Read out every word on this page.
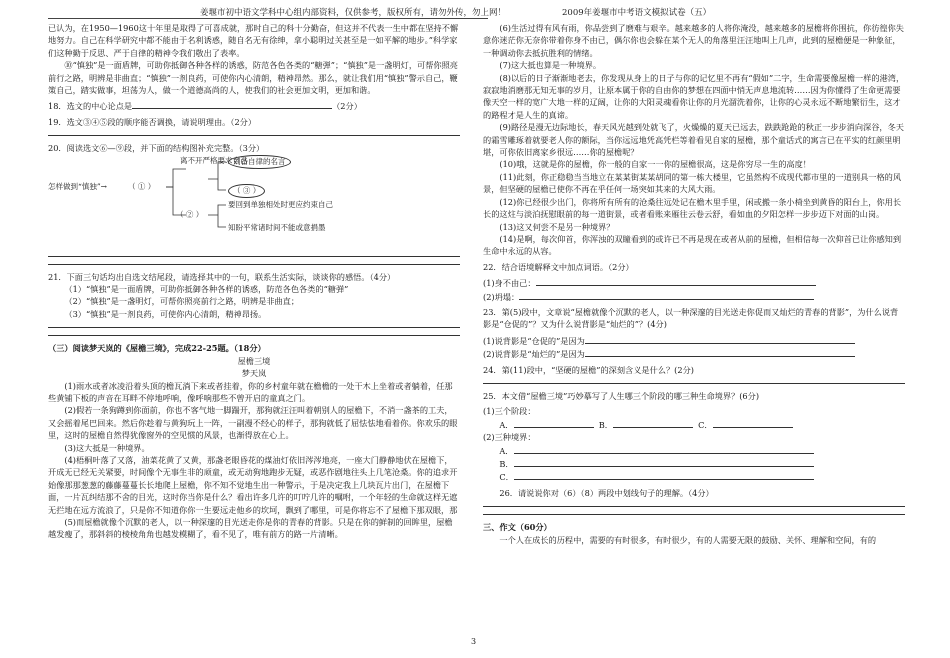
姜堰市初中语文学科中心组内部资料，仅供参考，版权所有，请勿外传，勿上网！	2009年姜堰市中考语文模拟试卷（五）

已认为，在1950—1960这十年里是取得了可喜成就，那时自己的科十分勤奋，但这并不代表一生中都在坚持不懈地努力。自己在科学研究中都不能由于名利诱惑，随自名无有徐绅，拿小聪明过关甚至是一如平解的地步。”科学家们这种勤于反思、严于自律的精神令我们敬出了表率。

⑩“慎独”是一面盾牌，可助你抵御各种各样的诱惑，防范各色各类的“糖弹”；“慎独”是一盏明灯，可帮你照亮前行之路，明辨是非曲直；“慎独”一剂良药，可使你内心清朗，精神昂然。那么，就让我们用“慎独”警示自己，鞭策自己，踏实做事，坦荡为人，做一个道德高尚的人，使我们的社会更加文明，更加和谐。

18．选文的中心论点是	（2分）

19．选文③④⑤段的顺序能否调换，请说明理由。（2分）

20．阅读选文⑥—⑨段，并下面的结构图补充完整。（3分）

怎样做到“慎独”→	（ ① ）
离不开严格要求自己
刘备自律的名言
（ ③ ）
（ ② ）
要回到单独相处时更应约束自己
知盼平常诸时间不能或意捐墨

21．下面三句话均出自选文结尾段，请选择其中的一句，联系生活实际，谈谈你的感悟。（4分）

（1）“慎独”是一面盾牌，可助你抵御各种各样的诱惑，防范各色各类的“糖弹”

（2）“慎独”是一盏明灯，可帮你照亮前行之路，明辨是非曲直；

（3）“慎独”是一剂良药，可使你内心清朗，精神昂扬。

（三）阅读梦天岚的《屋檐三境》，完成22-25题。（18分）

屋檐三境

梦天岚

(1)雨水或者冰凌沿着头顶的檐瓦淌下来或者挂着，你的乡村童年就在檐檐的一处干木上坐着或者躺着，任那些黄铺下板的声音在耳畔不停地呼响，像呼响那些不曾开启的童真之门。

(2)假若一条狗蹲到你面前，你也不客气地一脚踹开，那狗就汪汪叫着朝别人的屋檐下，不消一盏茶的工夫，又会摇着尾巴回来。然后你趁着与黄狗玩上一阵，一副漫不经心的样子，那狗就低了屈怯怯地看着你。你欢乐的眼里，这时的屋檐自然得犹像窗外的空见惯的风景，也渐得放在心上。

(3)这大抵是一种境界。

(4)梧桐叶落了又落，油菜花黄了又黄，那盏老眼昏花的煤油灯依旧涔涔地亮，一座大门静静地伏在屋檐下，开成无已经无关紧要，时间像个无事生非的顽童，或无动狗地跑步无疑，或恶作剧地往头上几笔沧桑。你的追求开始像那那葱葱的藤藤蔓蔓长长地爬上屋檐，你不知不觉地生出一种警示，于是决定我上几块瓦片出门，在屋檐下面，一片瓦纠结那不舍的目光，这时你当你是什么？看出许多几许的叮咛几许的嘱咐，一个年轻的生命就这样无遮无拦地在远方流浪了，只是你不知道你你一生要远走他乡的坎坷，飘到了哪里，可是你将忘不了屋檐下那双眼，那

(5)而屋檐就像个沉默的老人，以一种深邃的目光送走你是你的青春的背影。只是在你的鲜制的回眸里，屋檐越发瘦了，那斜斜的棱棱角角也越发模糊了，看不见了，唯有前方的路一片清晰。

(6)生活过得有风有雨，你品尝到了磨难与艰辛。越来越多的人将你淹没，越来越多的屋檐将你围抗，你彷徨你失意你迷茫你无奈你带着你身不由已，偶尔你也会躲在某个无人的角落里汪汪地叫上几声，此到的屋檐便是一种象征，一种调动你去抵抗胜利的情绪。

(7)这大抵也算是一种境界。

(8)以后的日子渐渐地老去，你发现从身上的日子与你的记忆里不再有“假如”二字，生命需要像屋檐一样的港湾，寂寂地消磨那无知无事的岁月，让原本属于你的自由你的梦想在四面中悄无声息地流转……因为你懂得了生命更需要像天空一样的宽广大地一样的辽阔，让你的大阳灵魂看你让你的月光溜洗着你，让你的心灵永远不断地繁衍生，这才的路程才是人生的真谛。

(9)路径是漫无边际地长，春天风光越到处就飞了，火燥燥的夏天已远去，跌跌跄跄的秋正一步步消向深谷，冬天的霜雪雕琢着就要老人你的额际，当你远远地凭高凭栏等着看见自家的屋檐，那个童话式的寓言已在平实的红颜里明堪，可你依旧离家乡很远……你的屋檐呢？

(10)哦，这就是你的屋檐，你一般的自家一一你的屋檐很高，这是你穷尽一生的高度！

(11)此刻，你正稳稳当当地立在某某街某某胡同的第一栋大楼里，它虽然构不成现代都市里的一道别具一格的风景，但坚硬的屋檐已使你不再在乎任何一场突如其来的大风大雨。

(12)你已经很少出门，你将所有所有的沧桑往远处记在檐木里手里，闲或搬一条小椅坐到黄昏的阳台上，你用长长的这炷与淡泊抚慰眼前的每一道街景，或者看账来雁往云卷云舒，看如血的夕阳怎样一步步迈下对面的山岗。

(13)这又何尝不是另一种境界？

(14)是啊，每次仰首，你浑浊的双瞳看到的或许已不再是现在或者从前的屋檐，但相信每一次仰首已让你感知到生命中永远的从容。

22．结合语境解释文中加点词语。（2分）

(1)身不由己：

(2)坍塌：

23．第(5)段中，文章说“屋檐就像个沉默的老人，以一种深邃的目光送走你促而又灿烂的青春的背影”，为什么说背影是“仓促的”？又为什么说背影是“灿烂的”？(4分)

(1)说背影是“仓促的”是因为

(2)说背影是“灿烂的”是因为

24．第(11)段中，“坚硬的屋檐”的深刻含义是什么？(2分)

25．本文借“屋檐三境”巧妙摹写了人生哪三个阶段的哪三种生命境界？(6分)

(1)三个阶段：

A．	B．	C．

(2)三种境界：

A．

B．

C．

26．请说说你对（6）（8）两段中划线句子的理解。（4分）

三、作文（60分）

一个人在成长的历程中，需要的有时很多，有时很少，有的人需要无限的鼓励、关怀、理解和空间，有的

3
